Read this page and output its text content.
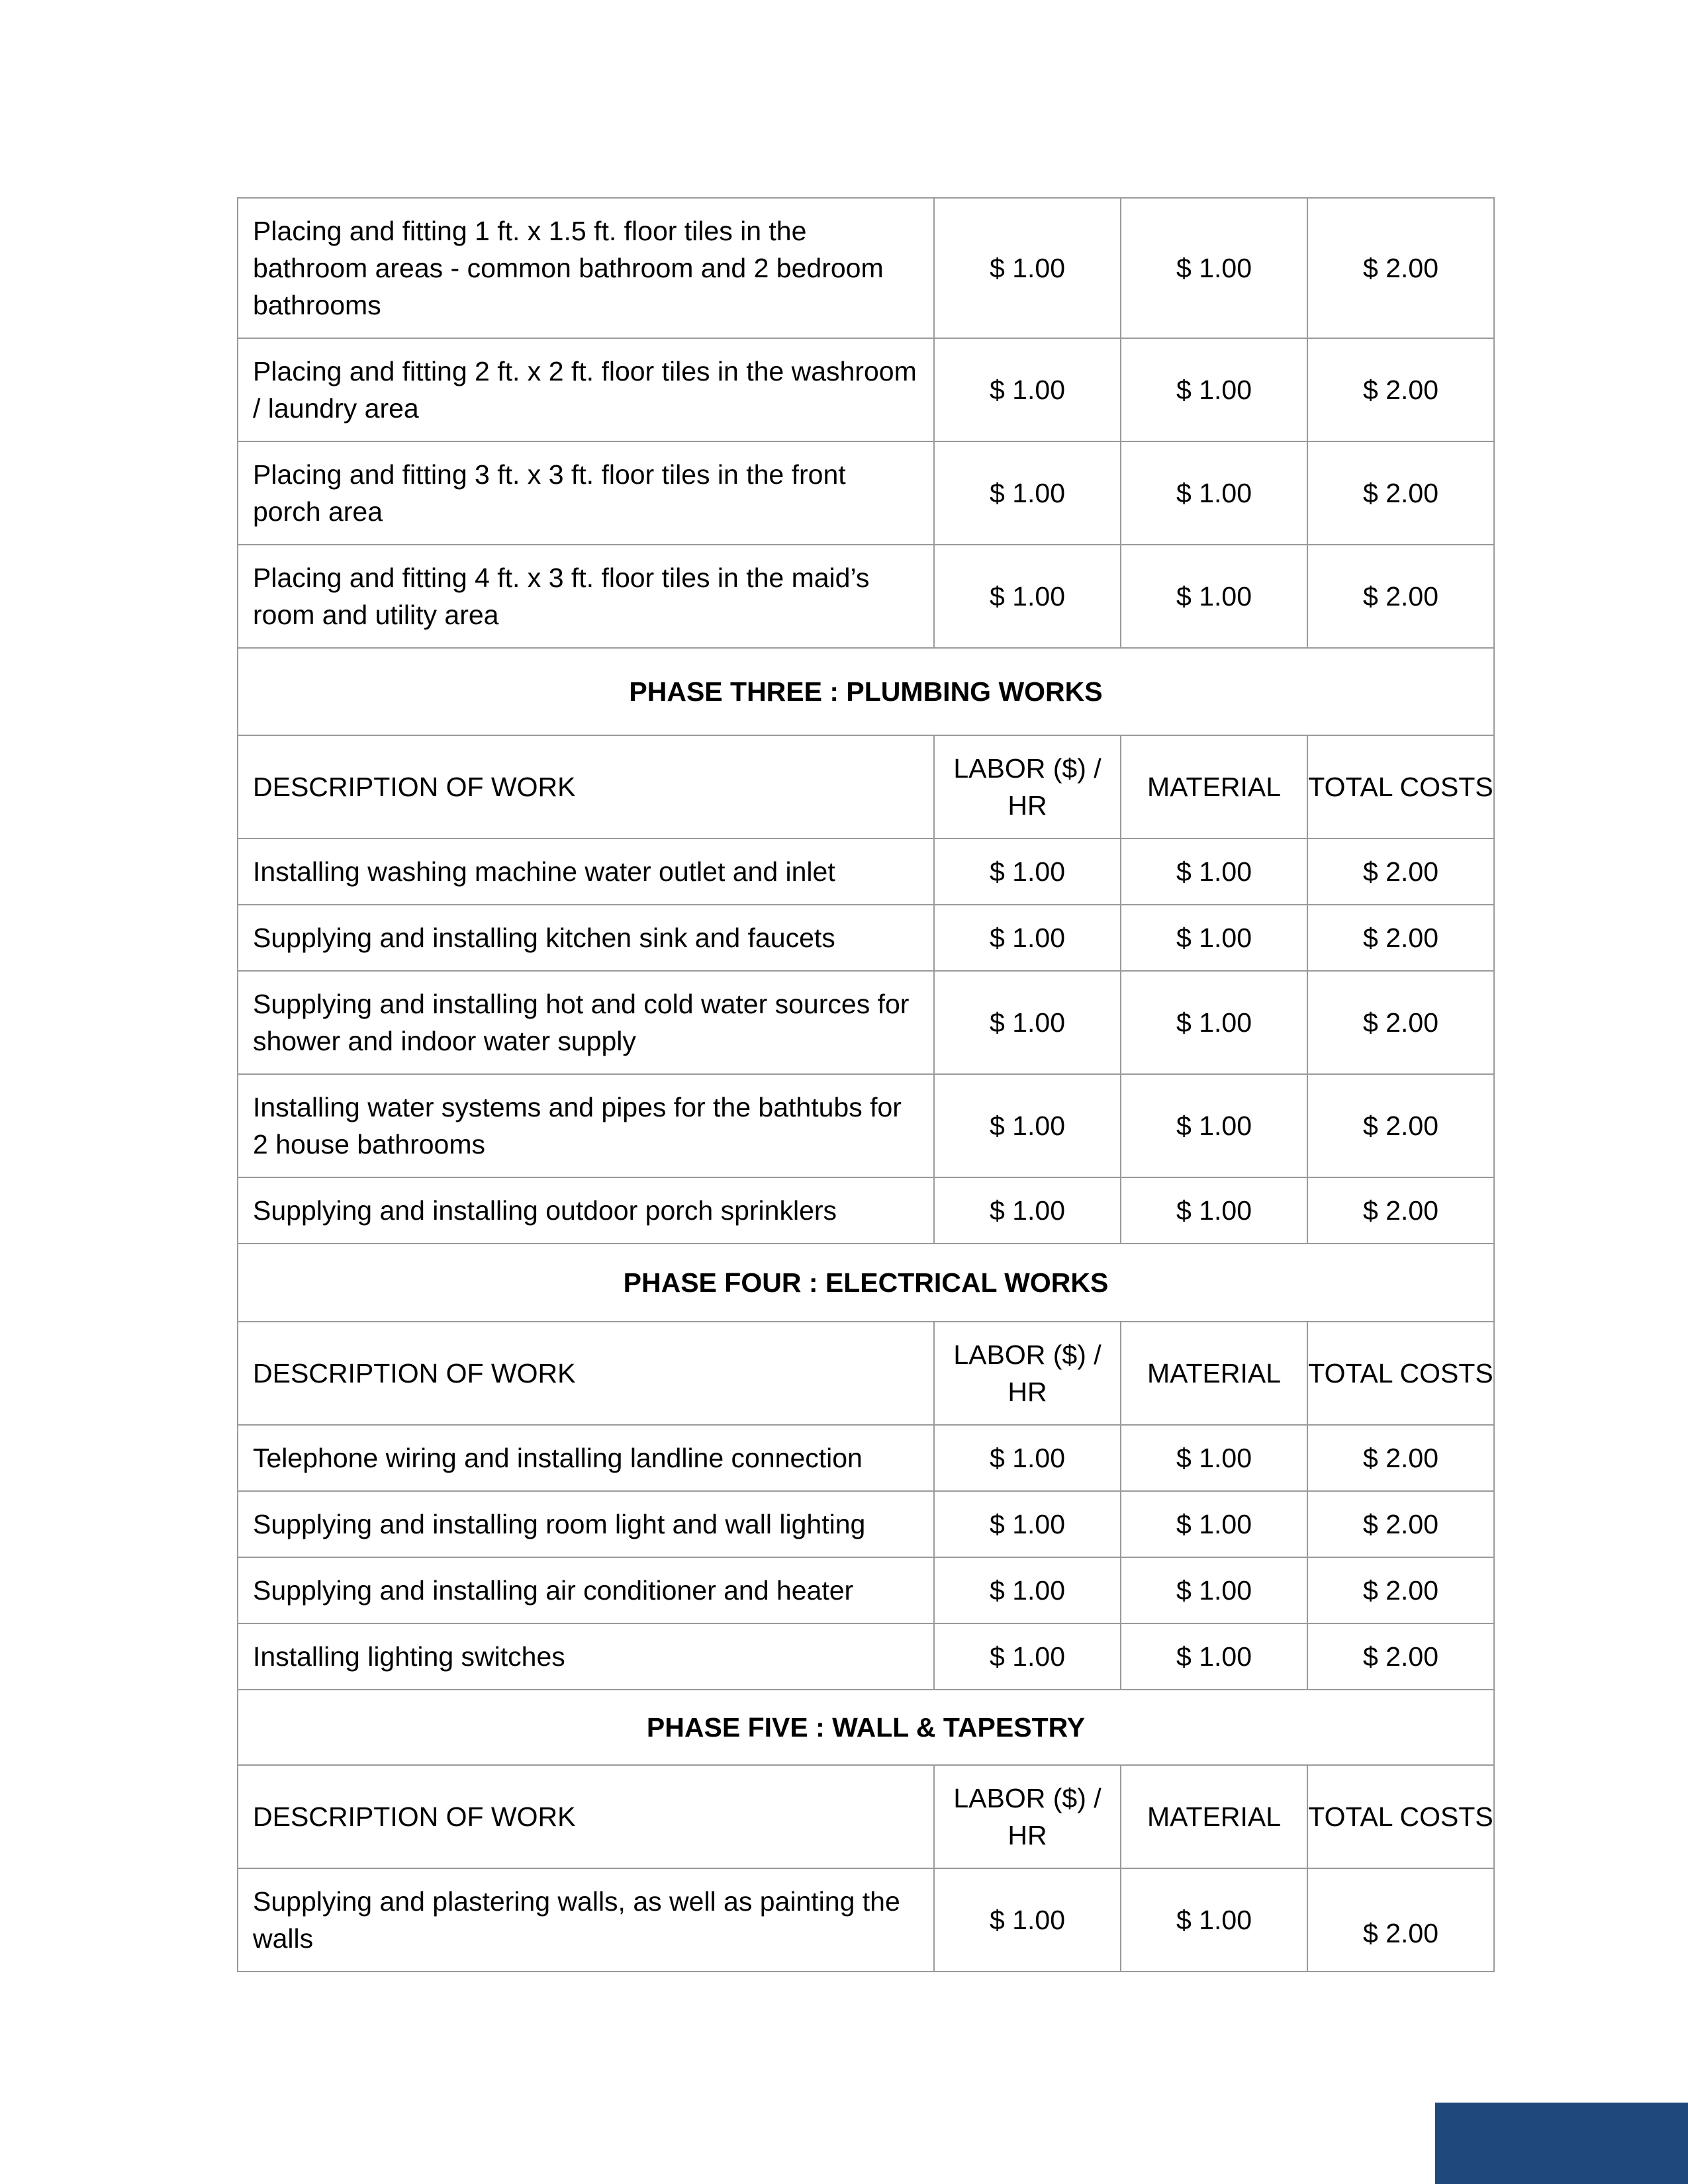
Placing and fitting 1 ft. x 1.5 ft. floor tiles in the bathroom areas - common bathroom and 2 bedroom bathrooms	$ 1.00	$ 1.00	$ 2.00
Placing and fitting 2 ft. x 2 ft. floor tiles in the washroom / laundry area	$ 1.00	$ 1.00	$ 2.00
Placing and fitting 3 ft. x 3 ft. floor tiles in the front porch area	$ 1.00	$ 1.00	$ 2.00
Placing and fitting 4 ft. x 3 ft. floor tiles in the maid’s room and utility area	$ 1.00	$ 1.00	$ 2.00
PHASE THREE : PLUMBING WORKS			
DESCRIPTION OF WORK	LABOR ($) / HR	MATERIAL	TOTAL COSTS
Installing washing machine water outlet and inlet	$ 1.00	$ 1.00	$ 2.00
Supplying and installing kitchen sink and faucets	$ 1.00	$ 1.00	$ 2.00
Supplying and installing hot and cold water sources for shower and indoor water supply	$ 1.00	$ 1.00	$ 2.00
Installing water systems and pipes for the bathtubs for 2 house bathrooms	$ 1.00	$ 1.00	$ 2.00
Supplying and installing outdoor porch sprinklers	$ 1.00	$ 1.00	$ 2.00
PHASE FOUR : ELECTRICAL WORKS			
DESCRIPTION OF WORK	LABOR ($) / HR	MATERIAL	TOTAL COSTS
Telephone wiring and installing landline connection	$ 1.00	$ 1.00	$ 2.00
Supplying and installing room light and wall lighting	$ 1.00	$ 1.00	$ 2.00
Supplying and installing air conditioner and heater	$ 1.00	$ 1.00	$ 2.00
Installing lighting switches	$ 1.00	$ 1.00	$ 2.00
PHASE FIVE : WALL & TAPESTRY			
DESCRIPTION OF WORK	LABOR ($) / HR	MATERIAL	TOTAL COSTS
Supplying and plastering walls, as well as painting the walls	$ 1.00	$ 1.00	$ 2.00
